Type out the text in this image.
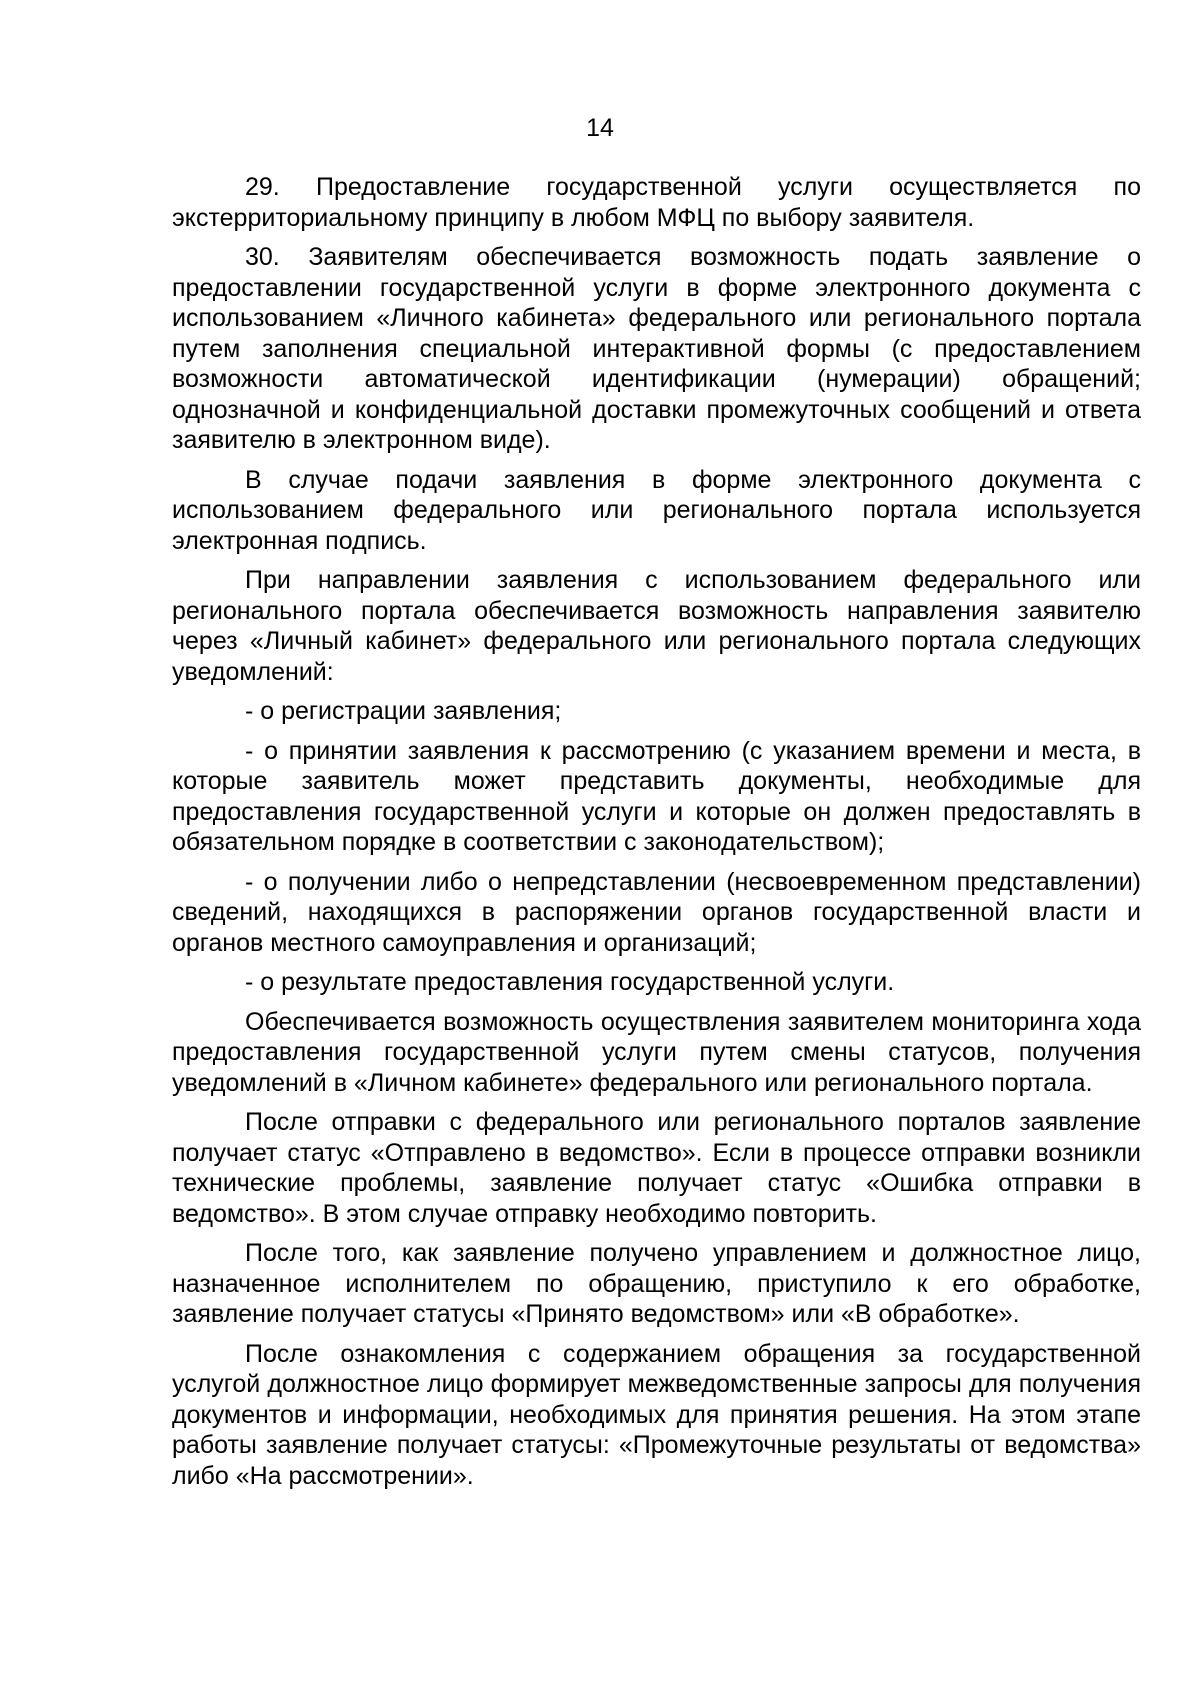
14

29. Предоставление государственной услуги осуществляется по экстерриториальному принципу в любом МФЦ по выбору заявителя.

30. Заявителям обеспечивается возможность подать заявление о предоставлении государственной услуги в форме электронного документа с использованием «Личного кабинета» федерального или регионального портала путем заполнения специальной интерактивной формы (с предоставлением возможности автоматической идентификации (нумерации) обращений; однозначной и конфиденциальной доставки промежуточных сообщений и ответа заявителю в электронном виде).

В случае подачи заявления в форме электронного документа с использованием федерального или регионального портала используется электронная подпись.

При направлении заявления с использованием федерального или регионального портала обеспечивается возможность направления заявителю через «Личный кабинет» федерального или регионального портала следующих уведомлений:

- о регистрации заявления;

- о принятии заявления к рассмотрению (с указанием времени и места, в которые заявитель может представить документы, необходимые для предоставления государственной услуги и которые он должен предоставлять в обязательном порядке в соответствии с законодательством);

- о получении либо о непредставлении (несвоевременном представлении) сведений, находящихся в распоряжении органов государственной власти и органов местного самоуправления и организаций;

- о результате предоставления государственной услуги.

Обеспечивается возможность осуществления заявителем мониторинга хода предоставления государственной услуги путем смены статусов, получения уведомлений в «Личном кабинете» федерального или регионального портала.

После отправки с федерального или регионального порталов заявление получает статус «Отправлено в ведомство». Если в процессе отправки возникли технические проблемы, заявление получает статус «Ошибка отправки в ведомство». В этом случае отправку необходимо повторить.

После того, как заявление получено управлением и должностное лицо, назначенное исполнителем по обращению, приступило к его обработке, заявление получает статусы «Принято ведомством» или «В обработке».

После ознакомления с содержанием обращения за государственной услугой должностное лицо формирует межведомственные запросы для получения документов и информации, необходимых для принятия решения. На этом этапе работы заявление получает статусы: «Промежуточные результаты от ведомства» либо «На рассмотрении».
